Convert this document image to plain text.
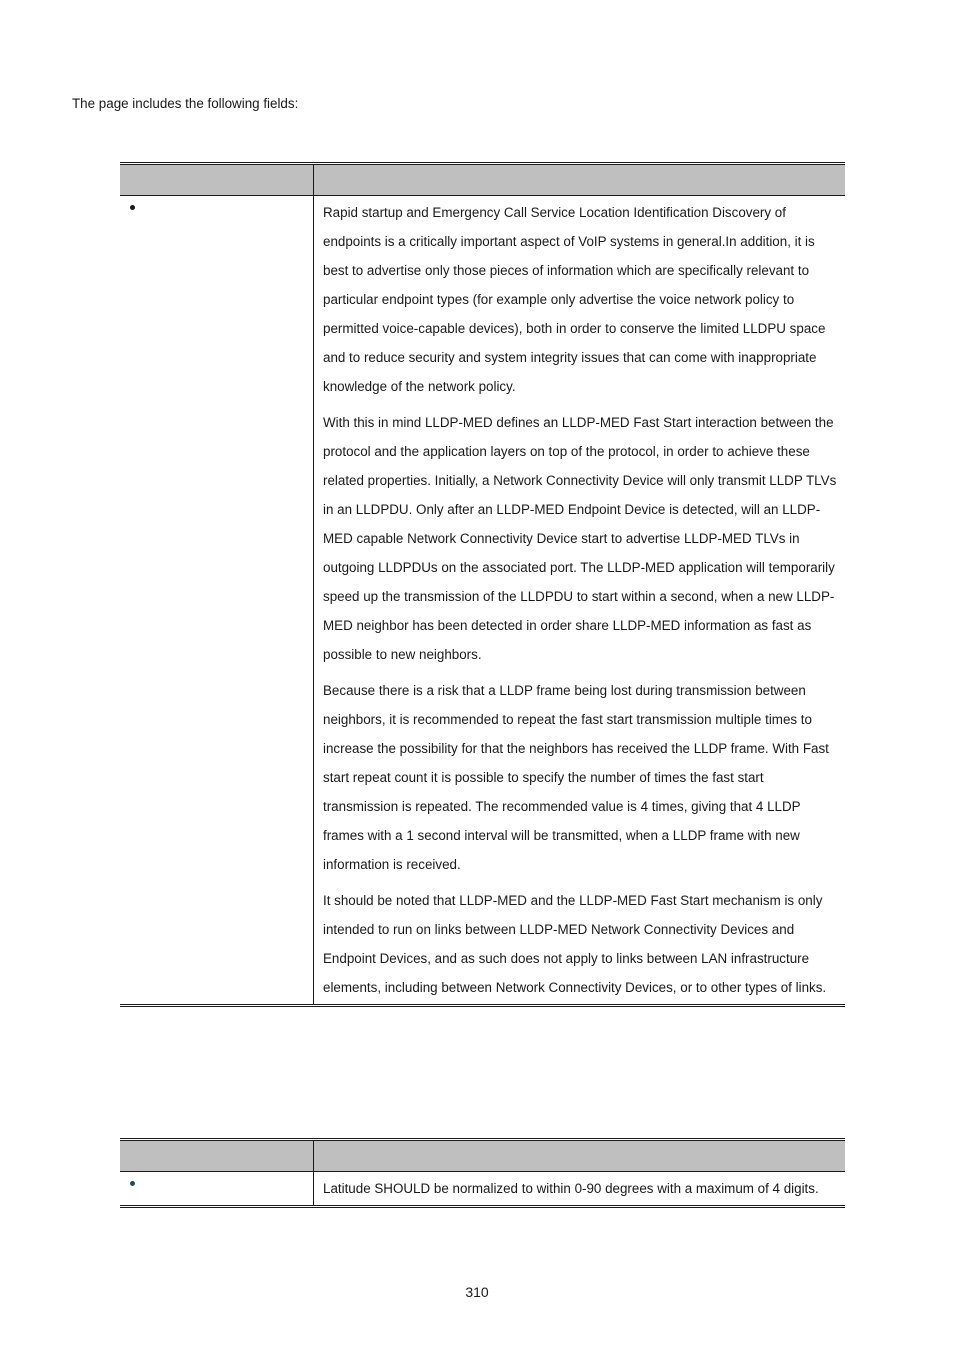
The page includes the following fields:

Rapid startup and Emergency Call Service Location Identification Discovery of endpoints is a critically important aspect of VoIP systems in general.In addition, it is best to advertise only those pieces of information which are specifically relevant to particular endpoint types (for example only advertise the voice network policy to permitted voice-capable devices), both in order to conserve the limited LLDPU space and to reduce security and system integrity issues that can come with inappropriate knowledge of the network policy.

With this in mind LLDP-MED defines an LLDP-MED Fast Start interaction between the protocol and the application layers on top of the protocol, in order to achieve these related properties. Initially, a Network Connectivity Device will only transmit LLDP TLVs in an LLDPDU. Only after an LLDP-MED Endpoint Device is detected, will an LLDP-MED capable Network Connectivity Device start to advertise LLDP-MED TLVs in outgoing LLDPDUs on the associated port. The LLDP-MED application will temporarily speed up the transmission of the LLDPDU to start within a second, when a new LLDP-MED neighbor has been detected in order share LLDP-MED information as fast as possible to new neighbors.

Because there is a risk that a LLDP frame being lost during transmission between neighbors, it is recommended to repeat the fast start transmission multiple times to increase the possibility for that the neighbors has received the LLDP frame. With Fast start repeat count it is possible to specify the number of times the fast start transmission is repeated. The recommended value is 4 times, giving that 4 LLDP frames with a 1 second interval will be transmitted, when a LLDP frame with new information is received.

It should be noted that LLDP-MED and the LLDP-MED Fast Start mechanism is only intended to run on links between LLDP-MED Network Connectivity Devices and Endpoint Devices, and as such does not apply to links between LAN infrastructure elements, including between Network Connectivity Devices, or to other types of links.

Latitude SHOULD be normalized to within 0-90 degrees with a maximum of 4 digits.

310
